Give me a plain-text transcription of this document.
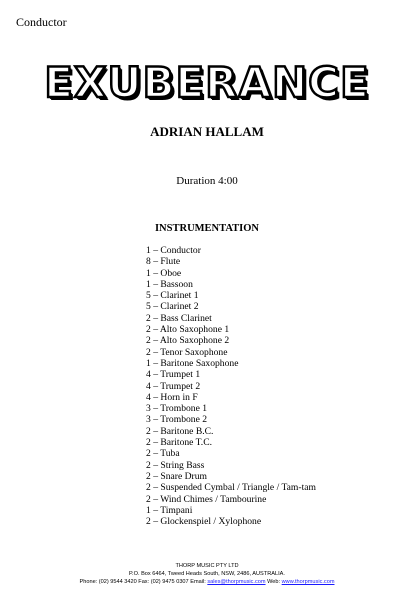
Conductor
EXUBERANCE
ADRIAN HALLAM
Duration 4:00
INSTRUMENTATION
1 – Conductor
8 – Flute
1 – Oboe
1 – Bassoon
5 – Clarinet 1
5 – Clarinet 2
2 – Bass Clarinet
2 – Alto Saxophone 1
2 – Alto Saxophone 2
2 – Tenor Saxophone
1 – Baritone Saxophone
4 – Trumpet 1
4 – Trumpet 2
4 – Horn in F
3 – Trombone 1
3 – Trombone 2
2 – Baritone B.C.
2 – Baritone T.C.
2 – Tuba
2 – String Bass
2 – Snare Drum
2 – Suspended Cymbal / Triangle / Tam-tam
2 – Wind Chimes / Tambourine
1 – Timpani
2 – Glockenspiel / Xylophone
THORP MUSIC PTY LTD
P.O. Box 6464, Tweed Heads South, NSW, 2486, AUSTRALIA.
Phone: (02) 9544 3420 Fax: (02) 9475 0307 Email: sales@thorpmusic.com Web: www.thorpmusic.com
